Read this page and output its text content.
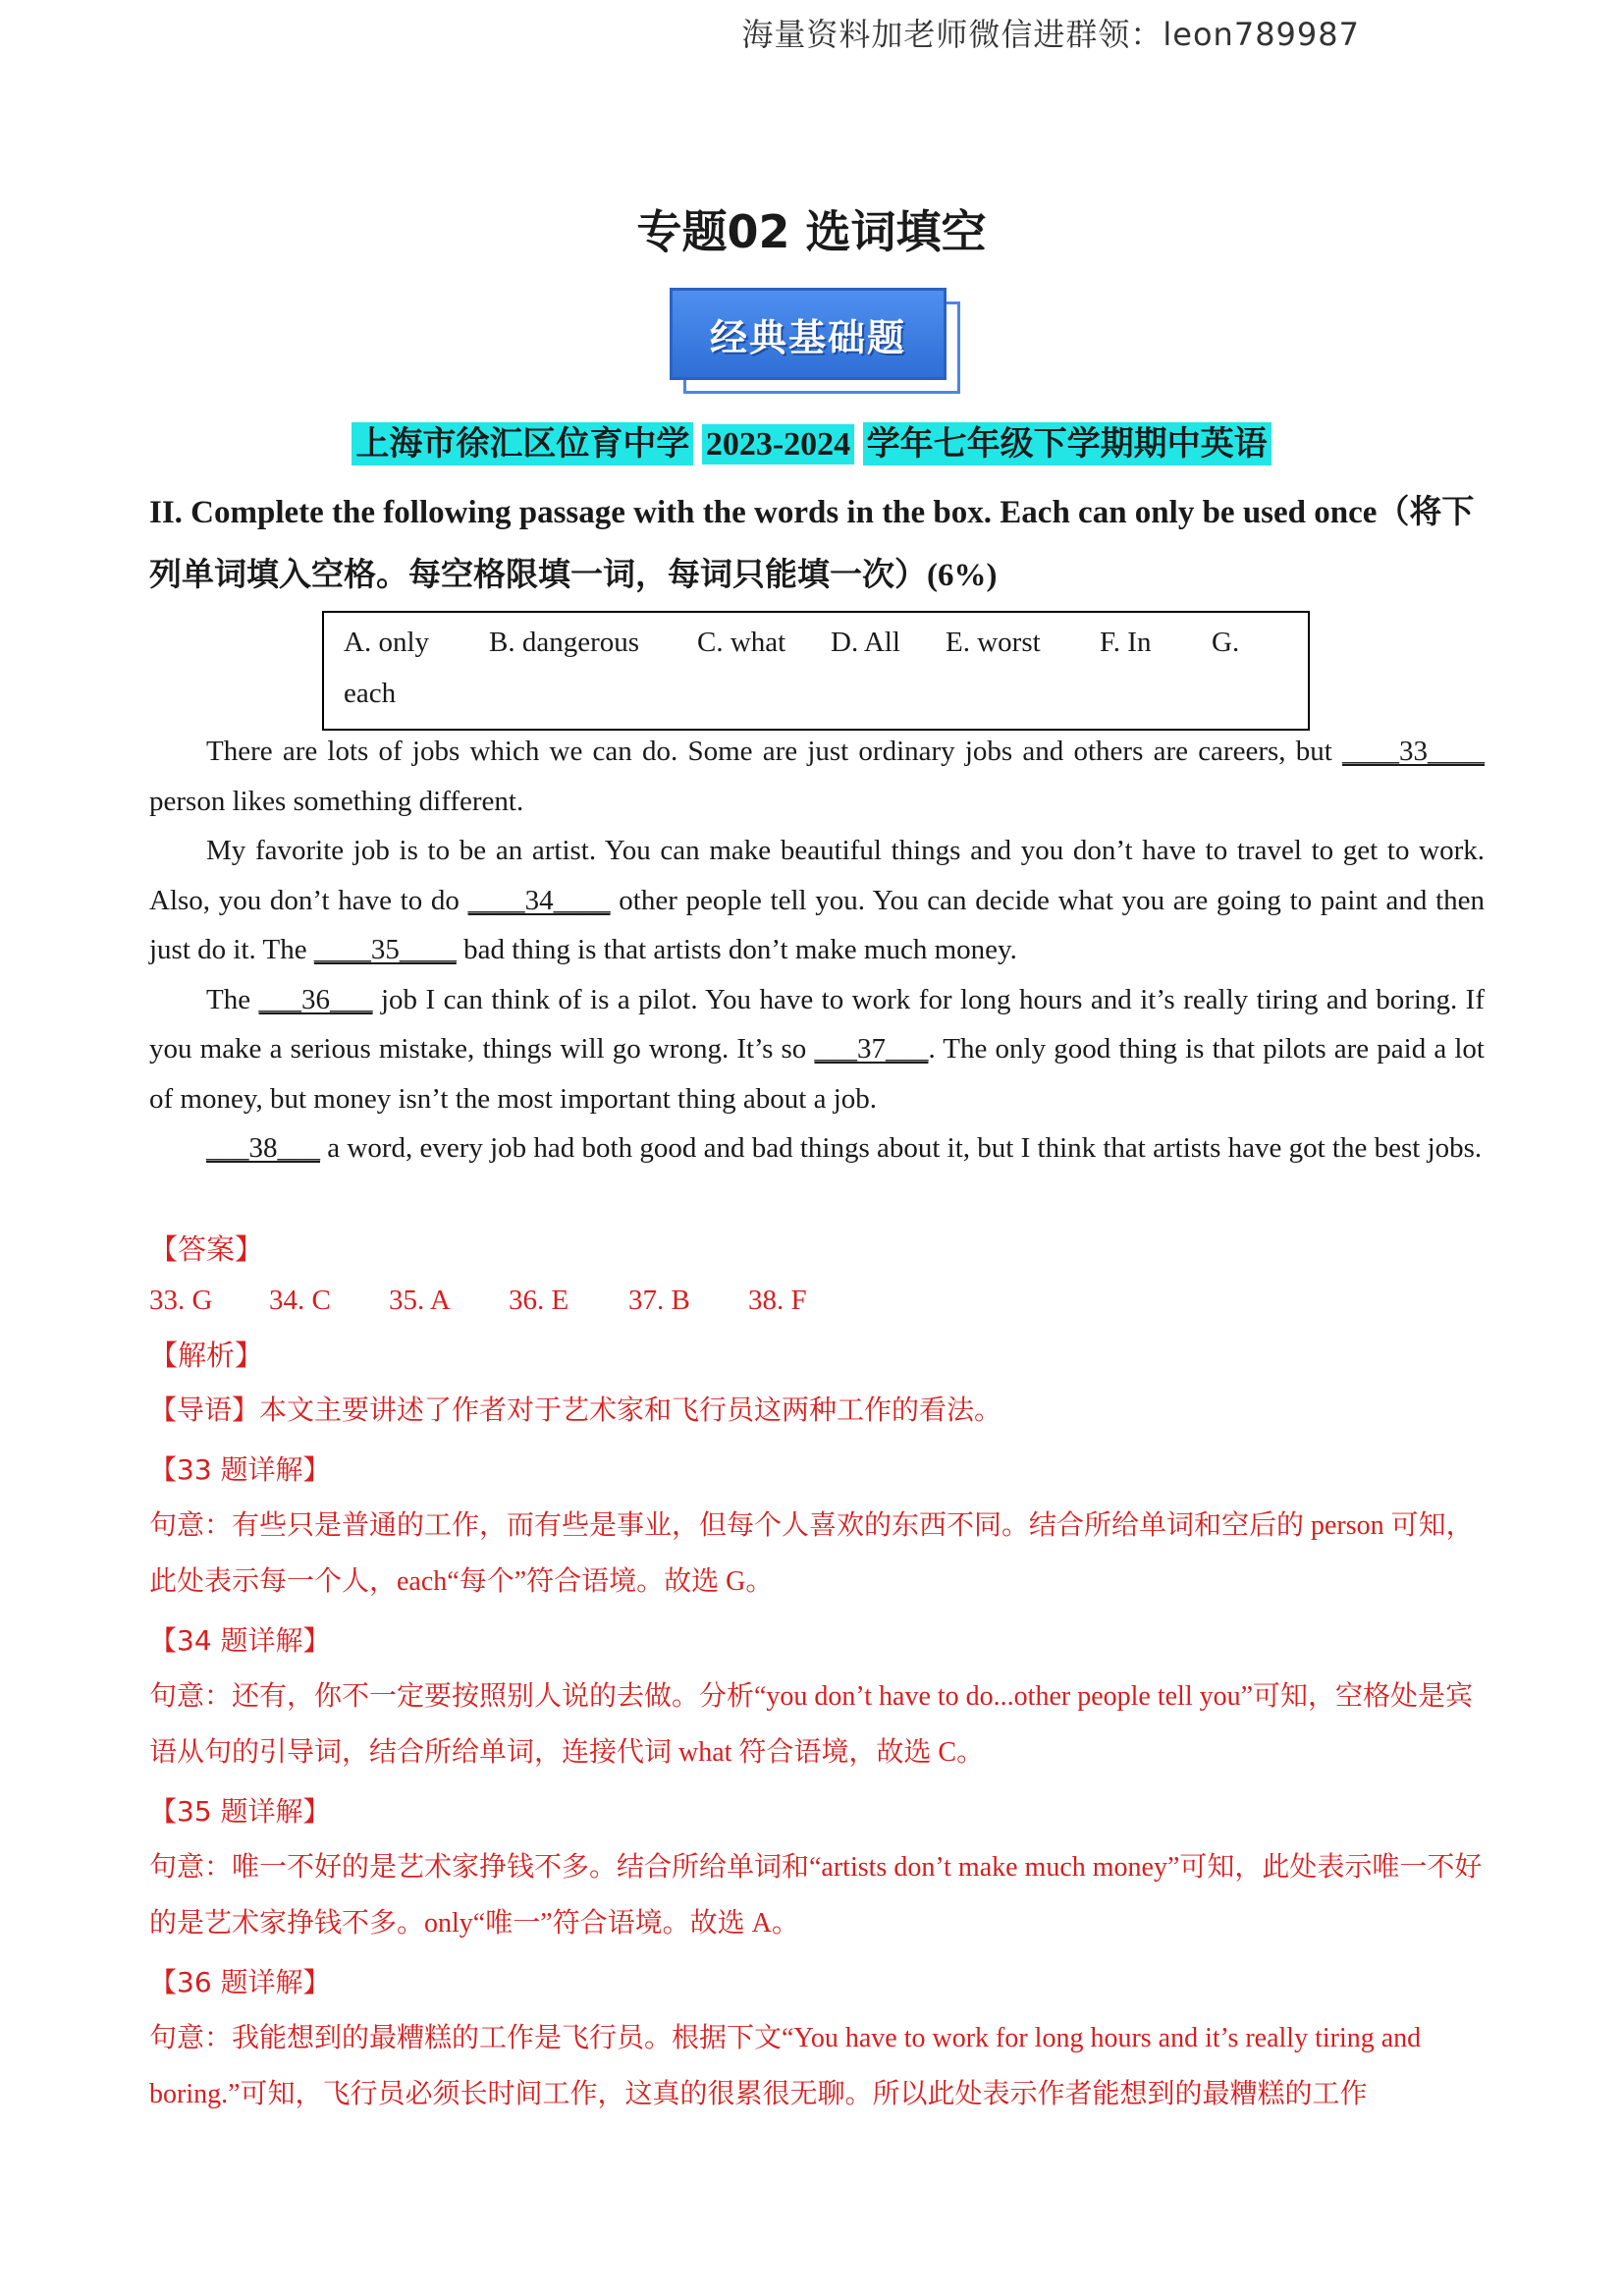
海量资料加老师微信进群领：leon789987
专题02 选词填空
经典基础题
上海市徐汇区位育中学 2023-2024 学年七年级下学期期中英语
II. Complete the following passage with the words in the box. Each can only be used once（将下列单词填入空格。每空格限填一词，每词只能填一次）(6%)
A. only B. dangerous C. what D. All E. worst F. In G.
each

There are lots of jobs which we can do. Some are just ordinary jobs and others are careers, but ____33____ person likes something different.

My favorite job is to be an artist. You can make beautiful things and you don’t have to travel to get to work. Also, you don’t have to do ____34____ other people tell you. You can decide what you are going to paint and then just do it. The ____35____ bad thing is that artists don’t make much money.

The ___36___ job I can think of is a pilot. You have to work for long hours and it’s really tiring and boring. If you make a serious mistake, things will go wrong. It’s so ___37___. The only good thing is that pilots are paid a lot of money, but money isn’t the most important thing about a job.

___38___ a word, every job had both good and bad things about it, but I think that artists have got the best jobs.

【答案】
33. G 34. C 35. A 36. E 37. B 38. F
【解析】
【导语】本文主要讲述了作者对于艺术家和飞行员这两种工作的看法。
【33 题详解】
句意：有些只是普通的工作，而有些是事业，但每个人喜欢的东西不同。结合所给单词和空后的 person 可知，此处表示每一个人，each“每个”符合语境。故选 G。
【34 题详解】
句意：还有，你不一定要按照别人说的去做。分析“you don’t have to do...other people tell you”可知，空格处是宾语从句的引导词，结合所给单词，连接代词 what 符合语境，故选 C。
【35 题详解】
句意：唯一不好的是艺术家挣钱不多。结合所给单词和“artists don’t make much money”可知，此处表示唯一不好的是艺术家挣钱不多。only“唯一”符合语境。故选 A。
【36 题详解】
句意：我能想到的最糟糕的工作是飞行员。根据下文“You have to work for long hours and it’s really tiring and boring.”可知，飞行员必须长时间工作，这真的很累很无聊。所以此处表示作者能想到的最糟糕的工作
